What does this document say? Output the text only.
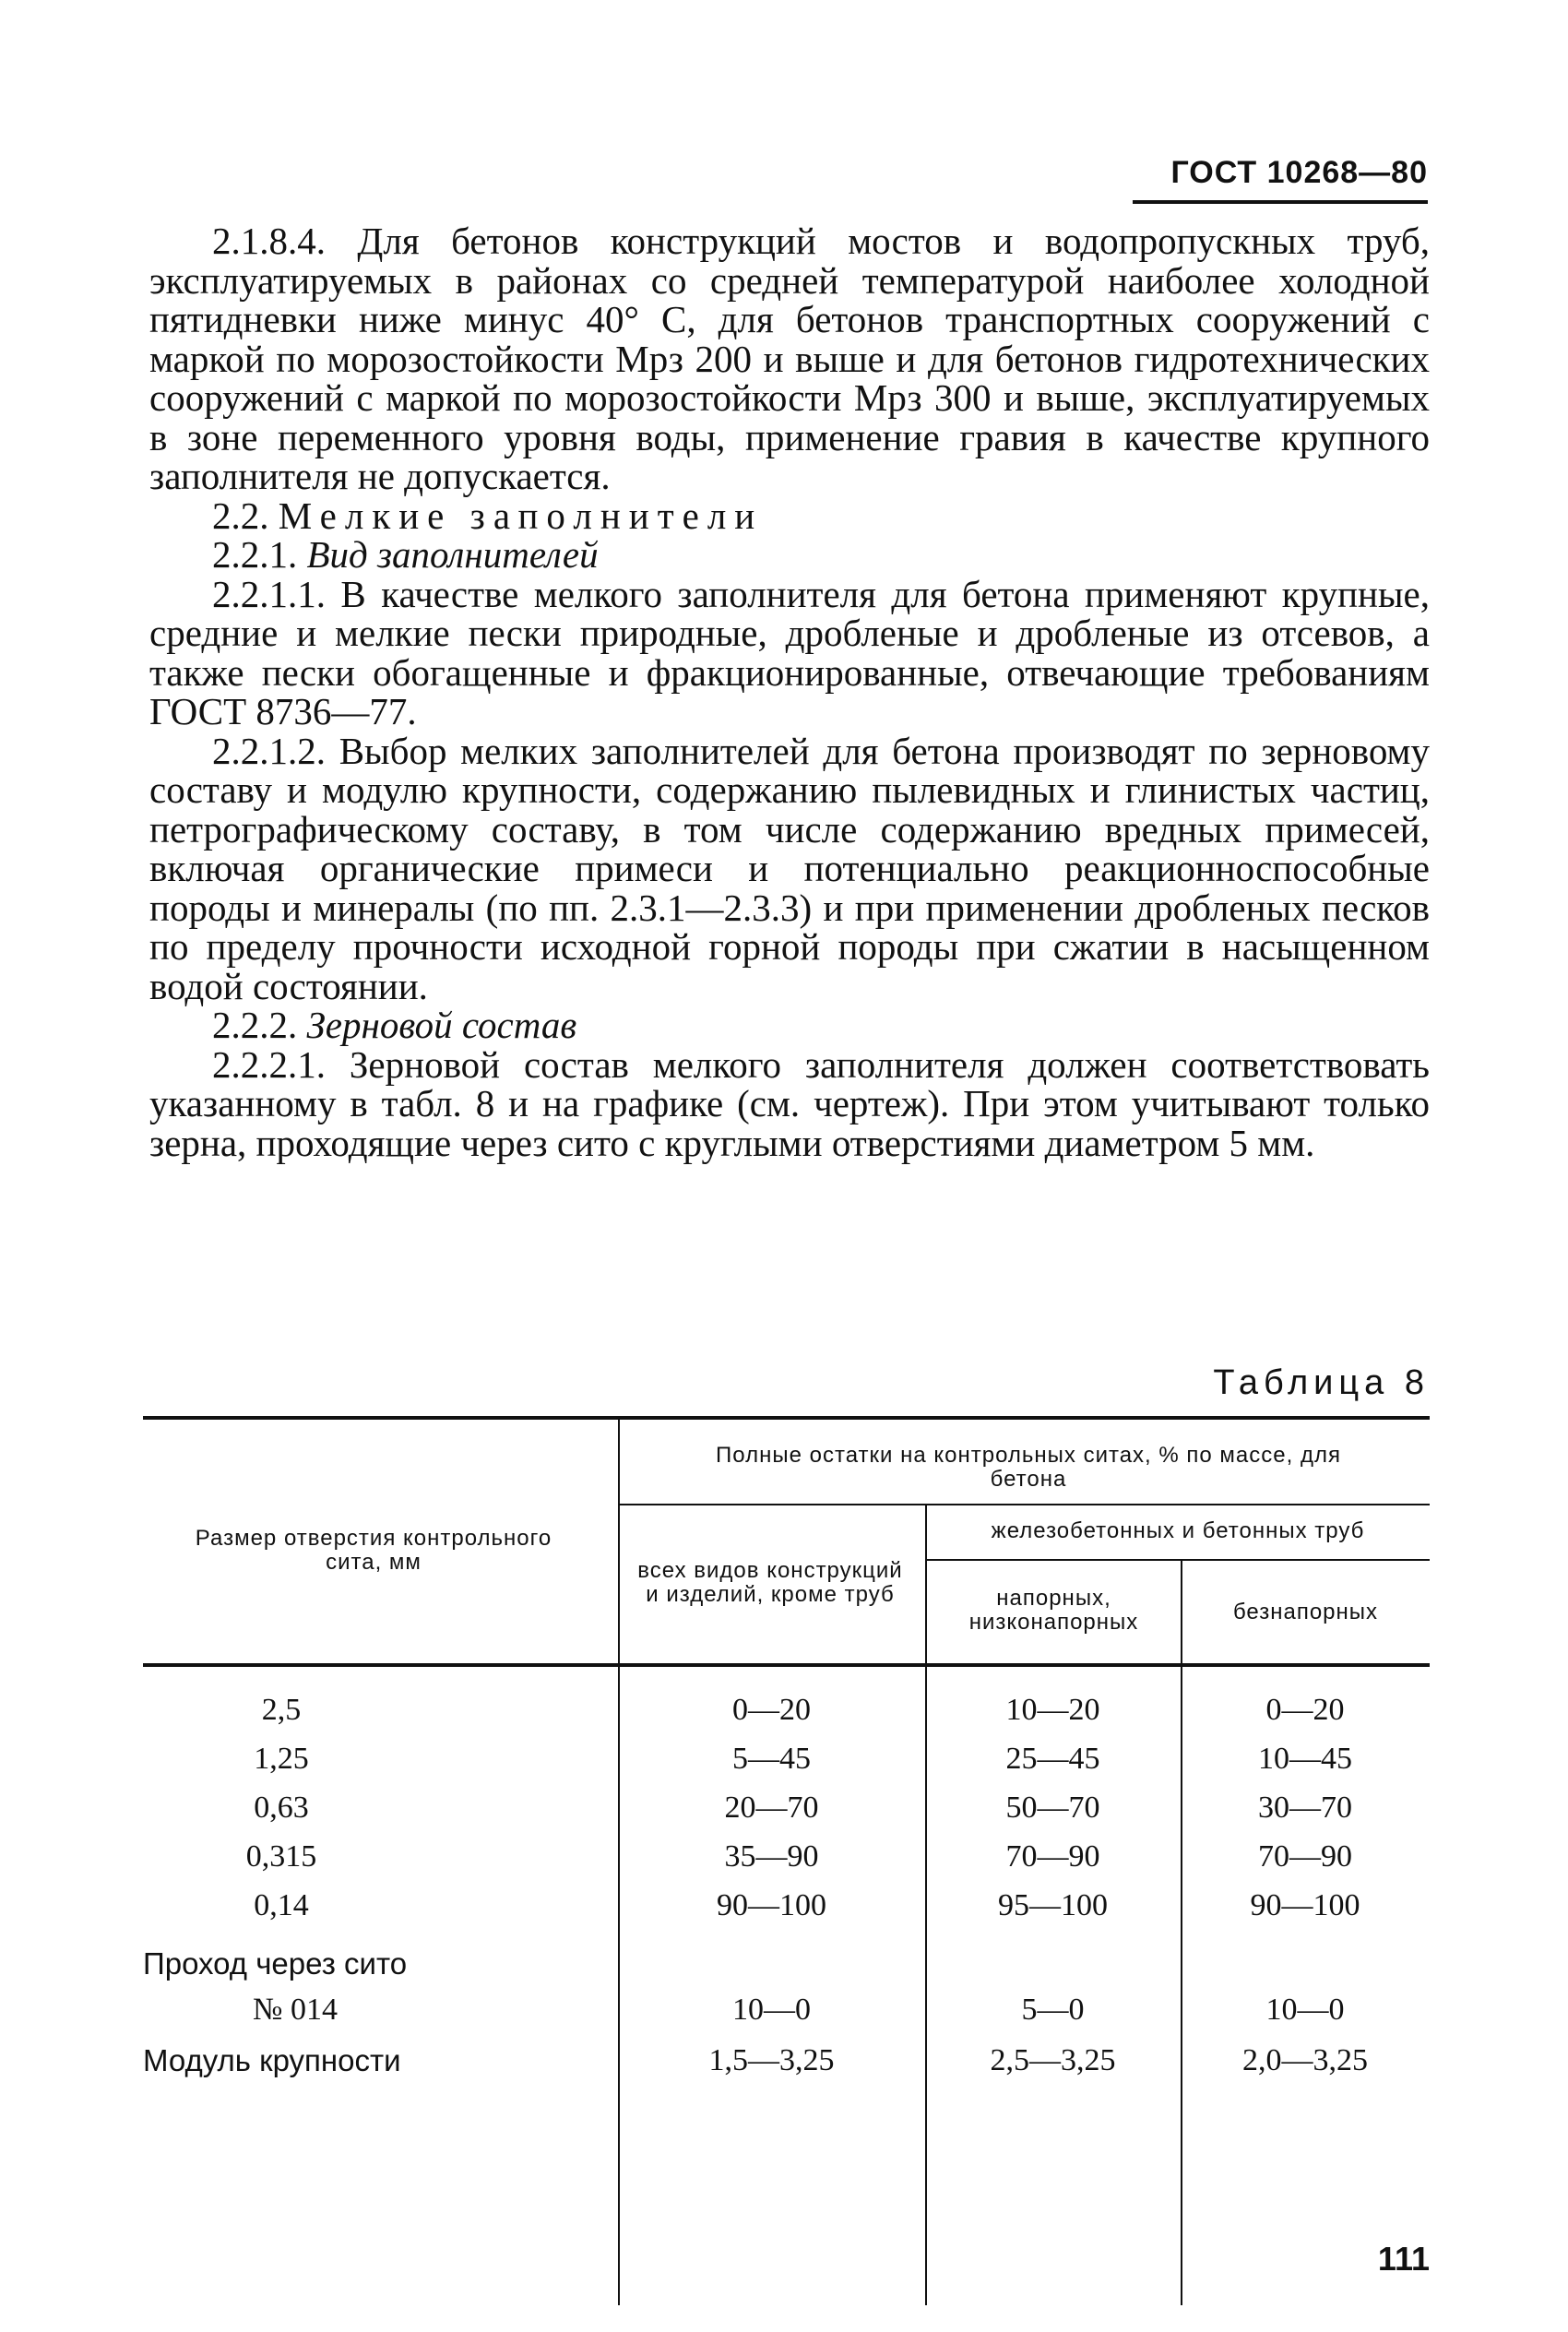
ГОСТ 10268—80

2.1.8.4. Для бетонов конструкций мостов и водопропускных труб, эксплуатируемых в районах со средней температурой наиболее холодной пятидневки ниже минус 40° С, для бетонов транспортных сооружений с маркой по морозостойкости Мрз 200 и выше и для бетонов гидротехнических сооружений с маркой по морозостойкости Мрз 300 и выше, эксплуатируемых в зоне переменного уровня воды, применение гравия в качестве крупного заполнителя не допускается.

2.2. Мелкие заполнители

2.2.1. Вид заполнителей

2.2.1.1. В качестве мелкого заполнителя для бетона применяют крупные, средние и мелкие пески природные, дробленые и дробленые из отсевов, а также пески обогащенные и фракционированные, отвечающие требованиям ГОСТ 8736—77.

2.2.1.2. Выбор мелких заполнителей для бетона производят по зерновому составу и модулю крупности, содержанию пылевидных и глинистых частиц, петрографическому составу, в том числе содержанию вредных примесей, включая органические примеси и потенциально реакционноспособные породы и минералы (по пп. 2.3.1—2.3.3) и при применении дробленых песков по пределу прочности исходной горной породы при сжатии в насыщенном водой состоянии.

2.2.2. Зерновой состав

2.2.2.1. Зерновой состав мелкого заполнителя должен соответствовать указанному в табл. 8 и на графике (см. чертеж). При этом учитывают только зерна, проходящие через сито с круглыми отверстиями диаметром 5 мм.

Таблица 8
Размер отверстия контрольного сита, мм
Полные остатки на контрольных ситах, % по массе, для бетона
всех видов конструкций и изделий, кроме труб
железобетонных и бетонных труб
напорных, низконапорных	безнапорных
2,5	0—20	10—20	0—20
1,25	5—45	25—45	10—45
0,63	20—70	50—70	30—70
0,315	35—90	70—90	70—90
0,14	90—100	95—100	90—100
Проход через сито
№ 014	10—0	5—0	10—0
Модуль крупности	1,5—3,25	2,5—3,25	2,0—3,25
111
